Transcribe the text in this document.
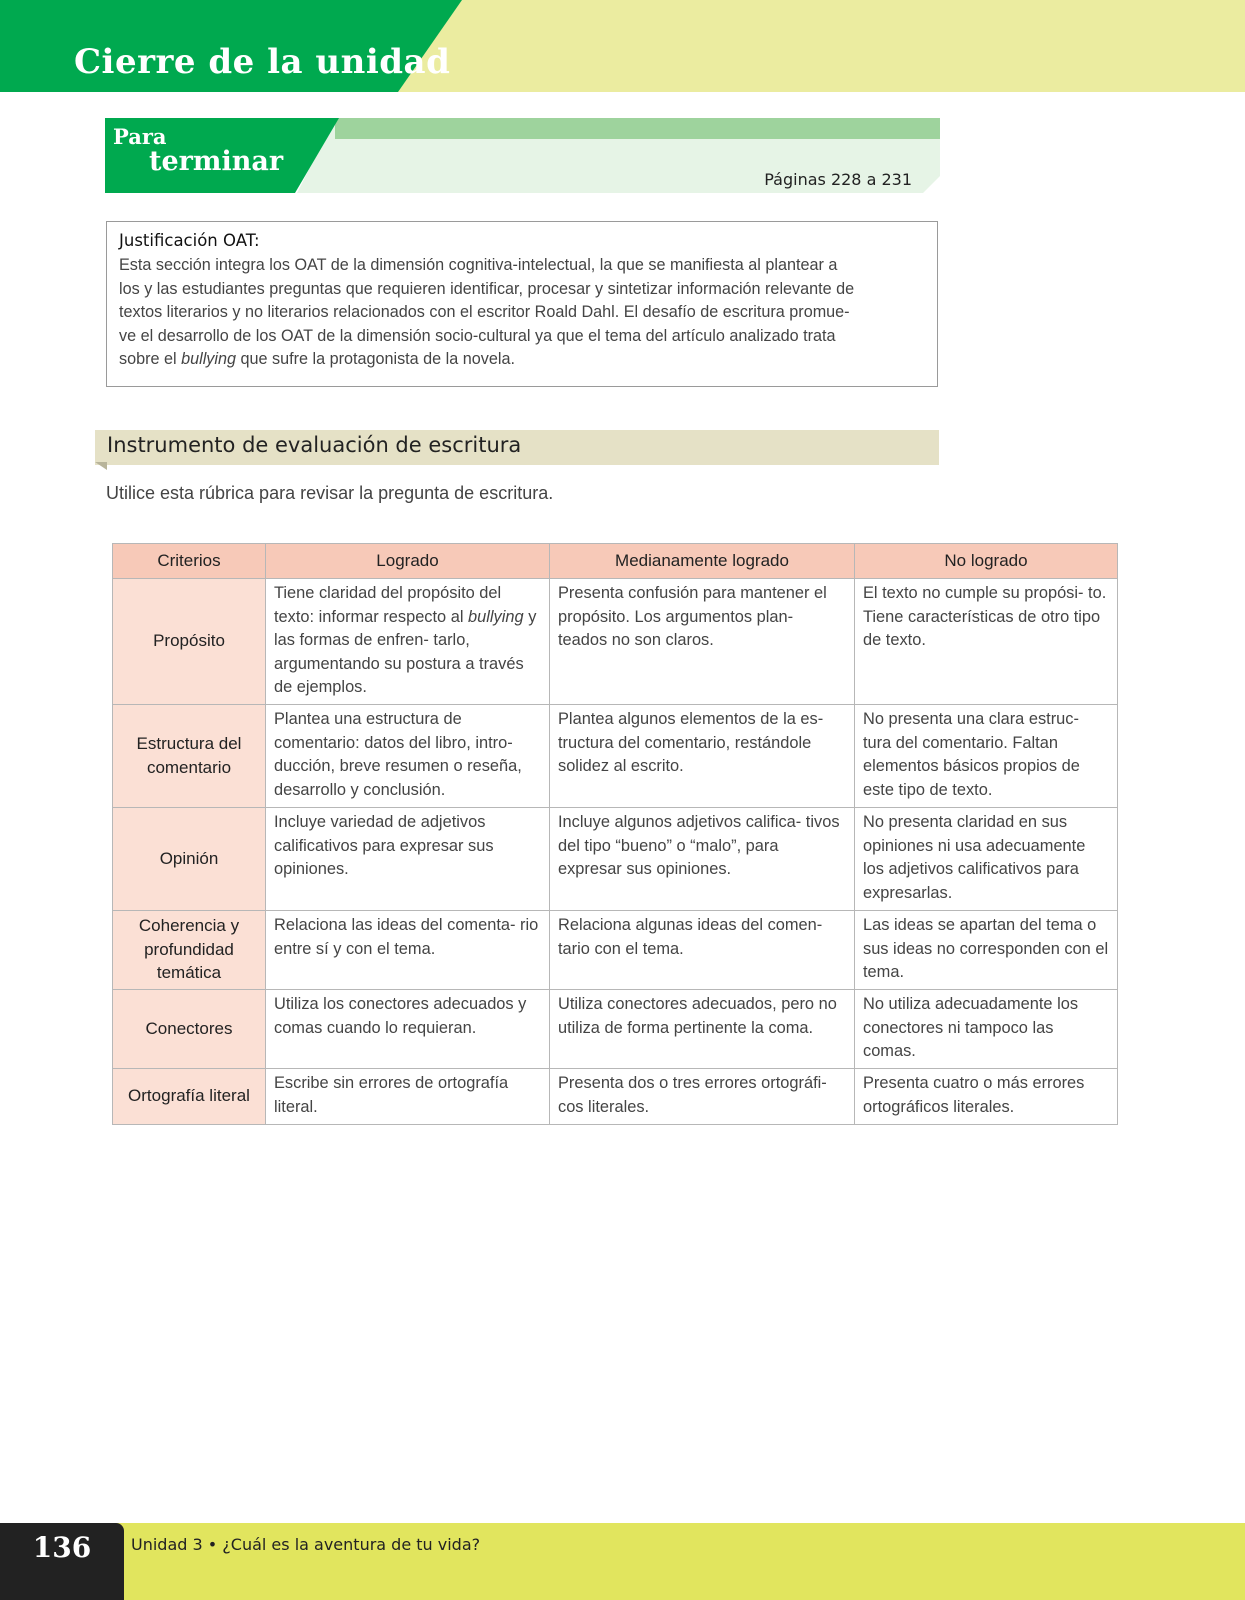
Cierre de la unidad
Para
terminar
Páginas 228 a 231

Justificación OAT:

Esta sección integra los OAT de la dimensión cognitiva-intelectual, la que se manifiesta al plantear a
los y las estudiantes preguntas que requieren identificar, procesar y sintetizar información relevante de
textos literarios y no literarios relacionados con el escritor Roald Dahl. El desafío de escritura promue-
ve el desarrollo de los OAT de la dimensión socio-cultural ya que el tema del artículo analizado trata
sobre el bullying que sufre la protagonista de la novela.

Instrumento de evaluación de escritura

Utilice esta rúbrica para revisar la pregunta de escritura.

Criterios	Logrado	Medianamente logrado	No logrado
Propósito	Tiene claridad del propósito del texto: informar respecto al bullying y las formas de enfren- tarlo, argumentando su postura a través de ejemplos.	Presenta confusión para mantener el propósito. Los argumentos plan- teados no son claros.	El texto no cumple su propósi- to. Tiene características de otro tipo de texto.
Estructura del comentario	Plantea una estructura de comentario: datos del libro, intro- ducción, breve resumen o reseña, desarrollo y conclusión.	Plantea algunos elementos de la es- tructura del comentario, restándole solidez al escrito.	No presenta una clara estruc- tura del comentario. Faltan elementos básicos propios de este tipo de texto.
Opinión	Incluye variedad de adjetivos calificativos para expresar sus opiniones.	Incluye algunos adjetivos califica- tivos del tipo “bueno” o “malo”, para expresar sus opiniones.	No presenta claridad en sus opiniones ni usa adecuamente los adjetivos calificativos para expresarlas.
Coherencia y profundidad temática	Relaciona las ideas del comenta- rio entre sí y con el tema.	Relaciona algunas ideas del comen- tario con el tema.	Las ideas se apartan del tema o sus ideas no corresponden con el tema.
Conectores	Utiliza los conectores adecuados y comas cuando lo requieran.	Utiliza conectores adecuados, pero no utiliza de forma pertinente la coma.	No utiliza adecuadamente los conectores ni tampoco las comas.
Ortografía literal	Escribe sin errores de ortografía literal.	Presenta dos o tres errores ortográfi- cos literales.	Presenta cuatro o más errores ortográficos literales.
136	Unidad 3 • ¿Cuál es la aventura de tu vida?
